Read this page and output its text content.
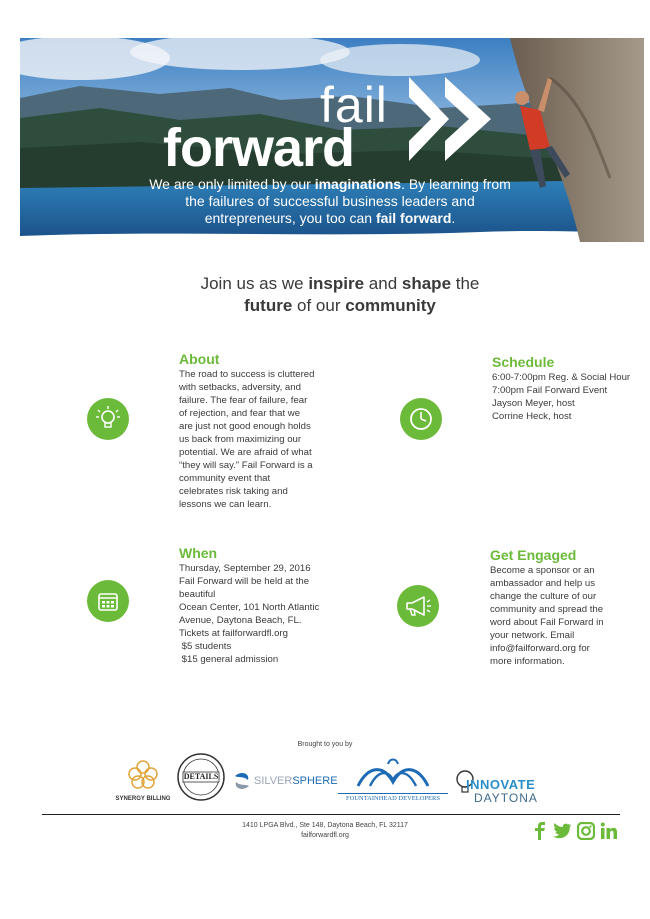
fail
forward
We are only limited by our imaginations. By learning from the failures of successful business leaders and entrepreneurs, you too can fail forward.
Join us as we inspire and shape the
future of our community
About

The road to success is cluttered

with setbacks, adversity, and

failure. The fear of failure, fear

of rejection, and fear that we

are just not good enough holds

us back from maximizing our

potential. We are afraid of what

“they will say.” Fail Forward is a

community event that

celebrates risk taking and

lessons we can learn.

Schedule

6:00-7:00pm Reg. & Social Hour

7:00pm Fail Forward Event

Jayson Meyer, host

Corrine Heck, host

When

Thursday, September 29, 2016

Fail Forward will be held at the

beautiful

Ocean Center, 101 North Atlantic

Avenue, Daytona Beach, FL.

Tickets at failforwardfl.org

$5 students

$15 general admission

Get Engaged

Become a sponsor or an

ambassador and help us

change the culture of our

community and spread the

word about Fail Forward in

your network. Email

info@failforward.org for

more information.

Brought to you by
SYNERGY BILLING
DETAILS	SILVER SPHERE
FOUNTAINHEAD DEVELOPERS
INNOVATE
DAYTONA
1410 LPGA Blvd., Ste 148, Daytona Beach, FL 32117
failforwardfl.org
